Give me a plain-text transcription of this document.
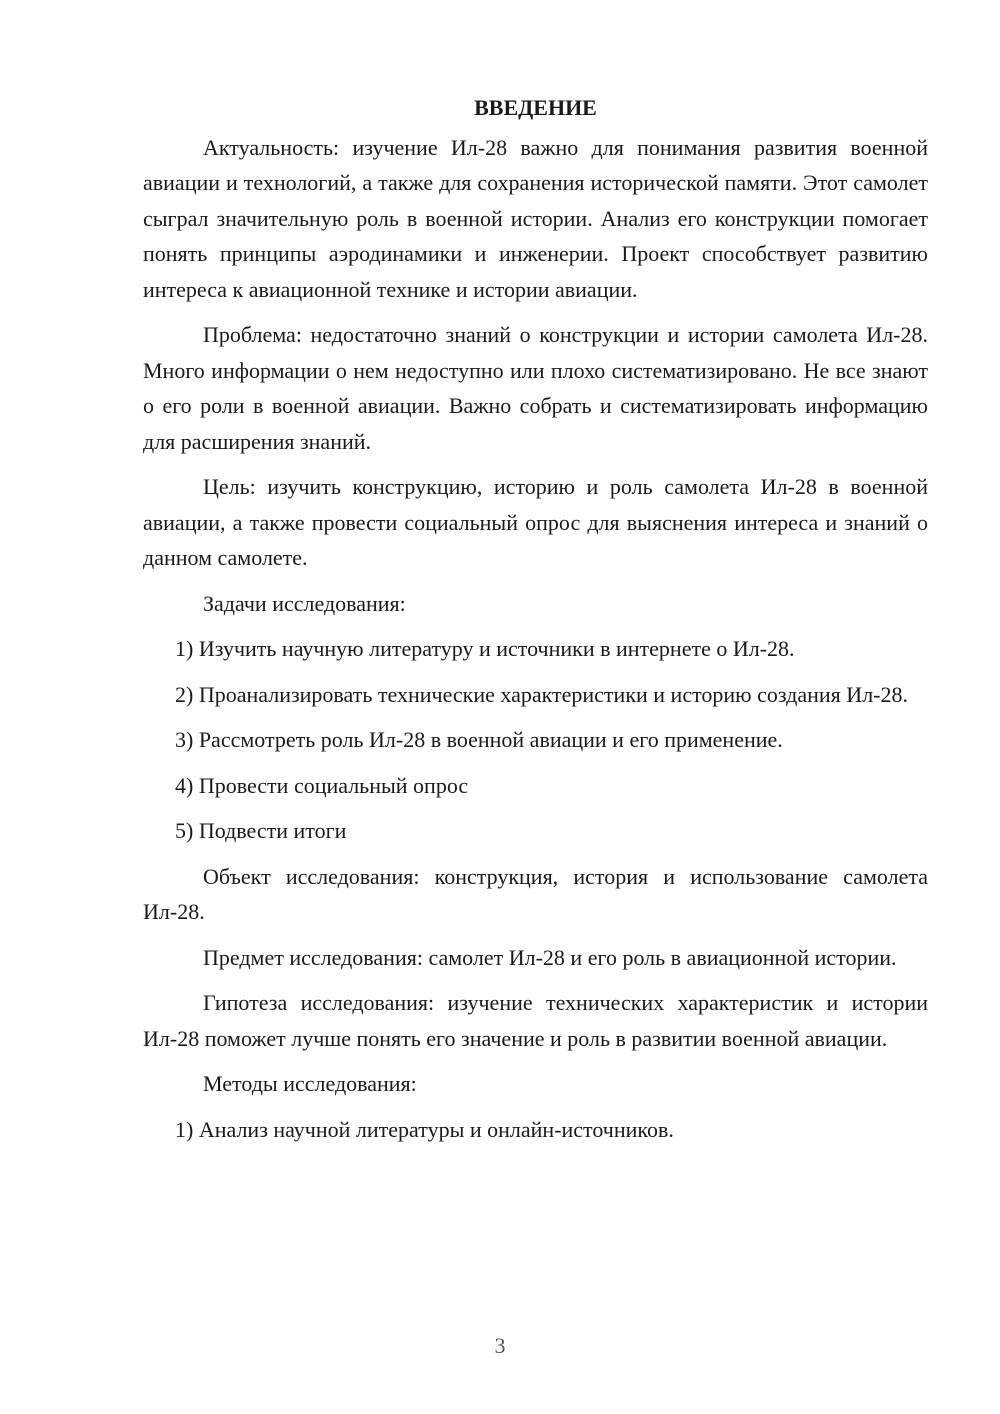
ВВЕДЕНИЕ

Актуальность: изучение Ил-28 важно для понимания развития военной авиации и технологий, а также для сохранения исторической памяти. Этот самолет сыграл значительную роль в военной истории. Анализ его конструкции помогает понять принципы аэродинамики и инженерии. Проект способствует развитию интереса к авиационной технике и истории авиации.

Проблема: недостаточно знаний о конструкции и истории самолета Ил-28. Много информации о нем недоступно или плохо систематизировано. Не все знают о его роли в военной авиации. Важно собрать и систематизировать информацию для расширения знаний.

Цель: изучить конструкцию, историю и роль самолета Ил-28 в военной авиации, а также провести социальный опрос для выяснения интереса и знаний о данном самолете.

Задачи исследования:

1) Изучить научную литературу и источники в интернете о Ил-28.

2) Проанализировать технические характеристики и историю создания Ил-28.

3) Рассмотреть роль Ил-28 в военной авиации и его применение.

4) Провести социальный опрос

5) Подвести итоги

Объект исследования: конструкция, история и использование самолета Ил-28.

Предмет исследования: самолет Ил-28 и его роль в авиационной истории.

Гипотеза исследования: изучение технических характеристик и истории Ил-28 поможет лучше понять его значение и роль в развитии военной авиации.

Методы исследования:

1) Анализ научной литературы и онлайн-источников.

3
